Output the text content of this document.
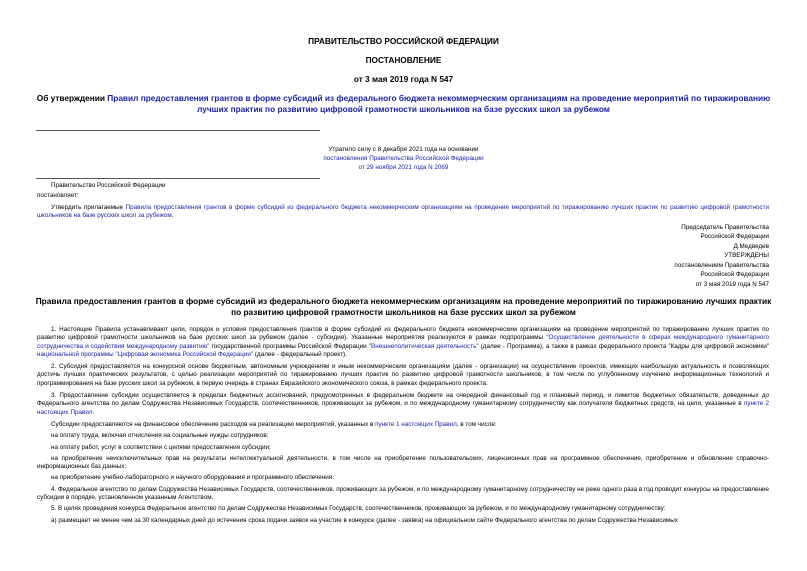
ПРАВИТЕЛЬСТВО РОССИЙСКОЙ ФЕДЕРАЦИИ
ПОСТАНОВЛЕНИЕ
от 3 мая 2019 года N 547
Об утверждении Правил предоставления грантов в форме субсидий из федерального бюджета некоммерческим организациям на проведение мероприятий по тиражированию лучших практик по развитию цифровой грамотности школьников на базе русских школ за рубежом
Утратило силу с 8 декабря 2021 года на основании
постановления Правительства Российской Федерации
от 29 ноября 2021 года N 2069
Правительство Российской Федерации
постановляет:
Утвердить прилагаемые Правила предоставления грантов в форме субсидий из федерального бюджета некоммерческим организациям на проведение мероприятий по тиражированию лучших практик по развитию цифровой грамотности школьников на базе русских школ за рубежом.
Председатель Правительства
Российской Федерации
Д.Медведев
УТВЕРЖДЕНЫ
постановлением Правительства
Российской Федерации
от 3 мая 2019 года N 547
Правила предоставления грантов в форме субсидий из федерального бюджета некоммерческим организациям на проведение мероприятий по тиражированию лучших практик по развитию цифровой грамотности школьников на базе русских школ за рубежом
1. Настоящие Правила устанавливают цели, порядок и условия предоставления грантов в форме субсидий из федерального бюджета некоммерческим организациям на проведение мероприятий по тиражированию лучших практик по развитию цифровой грамотности школьников на базе русских школ за рубежом (далее - субсидия). Указанные мероприятия реализуются в рамках подпрограммы "Осуществление деятельности в сферах международного гуманитарного сотрудничества и содействия международному развитию" государственной программы Российской Федерации "Внешнеполитическая деятельность" (далее - Программа), а также в рамках федерального проекта "Кадры для цифровой экономики" национальной программы "Цифровая экономика Российской Федерации" (далее - федеральный проект).
2. Субсидия предоставляется на конкурсной основе бюджетным, автономным учреждениям и иным некоммерческим организациям (далее - организации) на осуществление проектов, имеющих наибольшую актуальность и позволяющих достичь лучших практических результатов, с целью реализации мероприятий по тиражированию лучших практик по развитию цифровой грамотности школьников, в том числе по углубленному изучению информационных технологий и программирования на базе русских школ за рубежом, в первую очередь в странах Евразийского экономического союза, в рамках федерального проекта.
3. Предоставление субсидии осуществляется в пределах бюджетных ассигнований, предусмотренных в федеральном бюджете на очередной финансовый год и плановый период, и лимитов бюджетных обязательств, доведенных до Федерального агентства по делам Содружества Независимых Государств, соотечественников, проживающих за рубежом, и по международному гуманитарному сотрудничеству как получателя бюджетных средств, на цели, указанные в пункте 2 настоящих Правил.
Субсидии предоставляются на финансовое обеспечение расходов на реализацию мероприятий, указанных в пункте 1 настоящих Правил, в том числе:
на оплату труда, включая отчисления на социальные нужды сотрудников;
на оплату работ, услуг в соответствии с целями предоставления субсидии;
на приобретение неисключительных прав на результаты интеллектуальной деятельности, в том числе на приобретение пользовательских, лицензионных прав на программное обеспечение, приобретение и обновление справочно-информационных баз данных;
на приобретение учебно-лабораторного и научного оборудования и программного обеспечения.
4. Федеральное агентство по делам Содружества Независимых Государств, соотечественников, проживающих за рубежом, и по международному гуманитарному сотрудничеству не реже одного раза в год проводит конкурсы на предоставление субсидии в порядке, установленном указанным Агентством.
5. В целях проведения конкурса Федеральное агентство по делам Содружества Независимых Государств, соотечественников, проживающих за рубежом, и по международному гуманитарному сотрудничеству:
а) размещает не менее чем за 30 календарных дней до истечения срока подачи заявок на участие в конкурсе (далее - заявка) на официальном сайте Федерального агентства по делам Содружества Независимых
